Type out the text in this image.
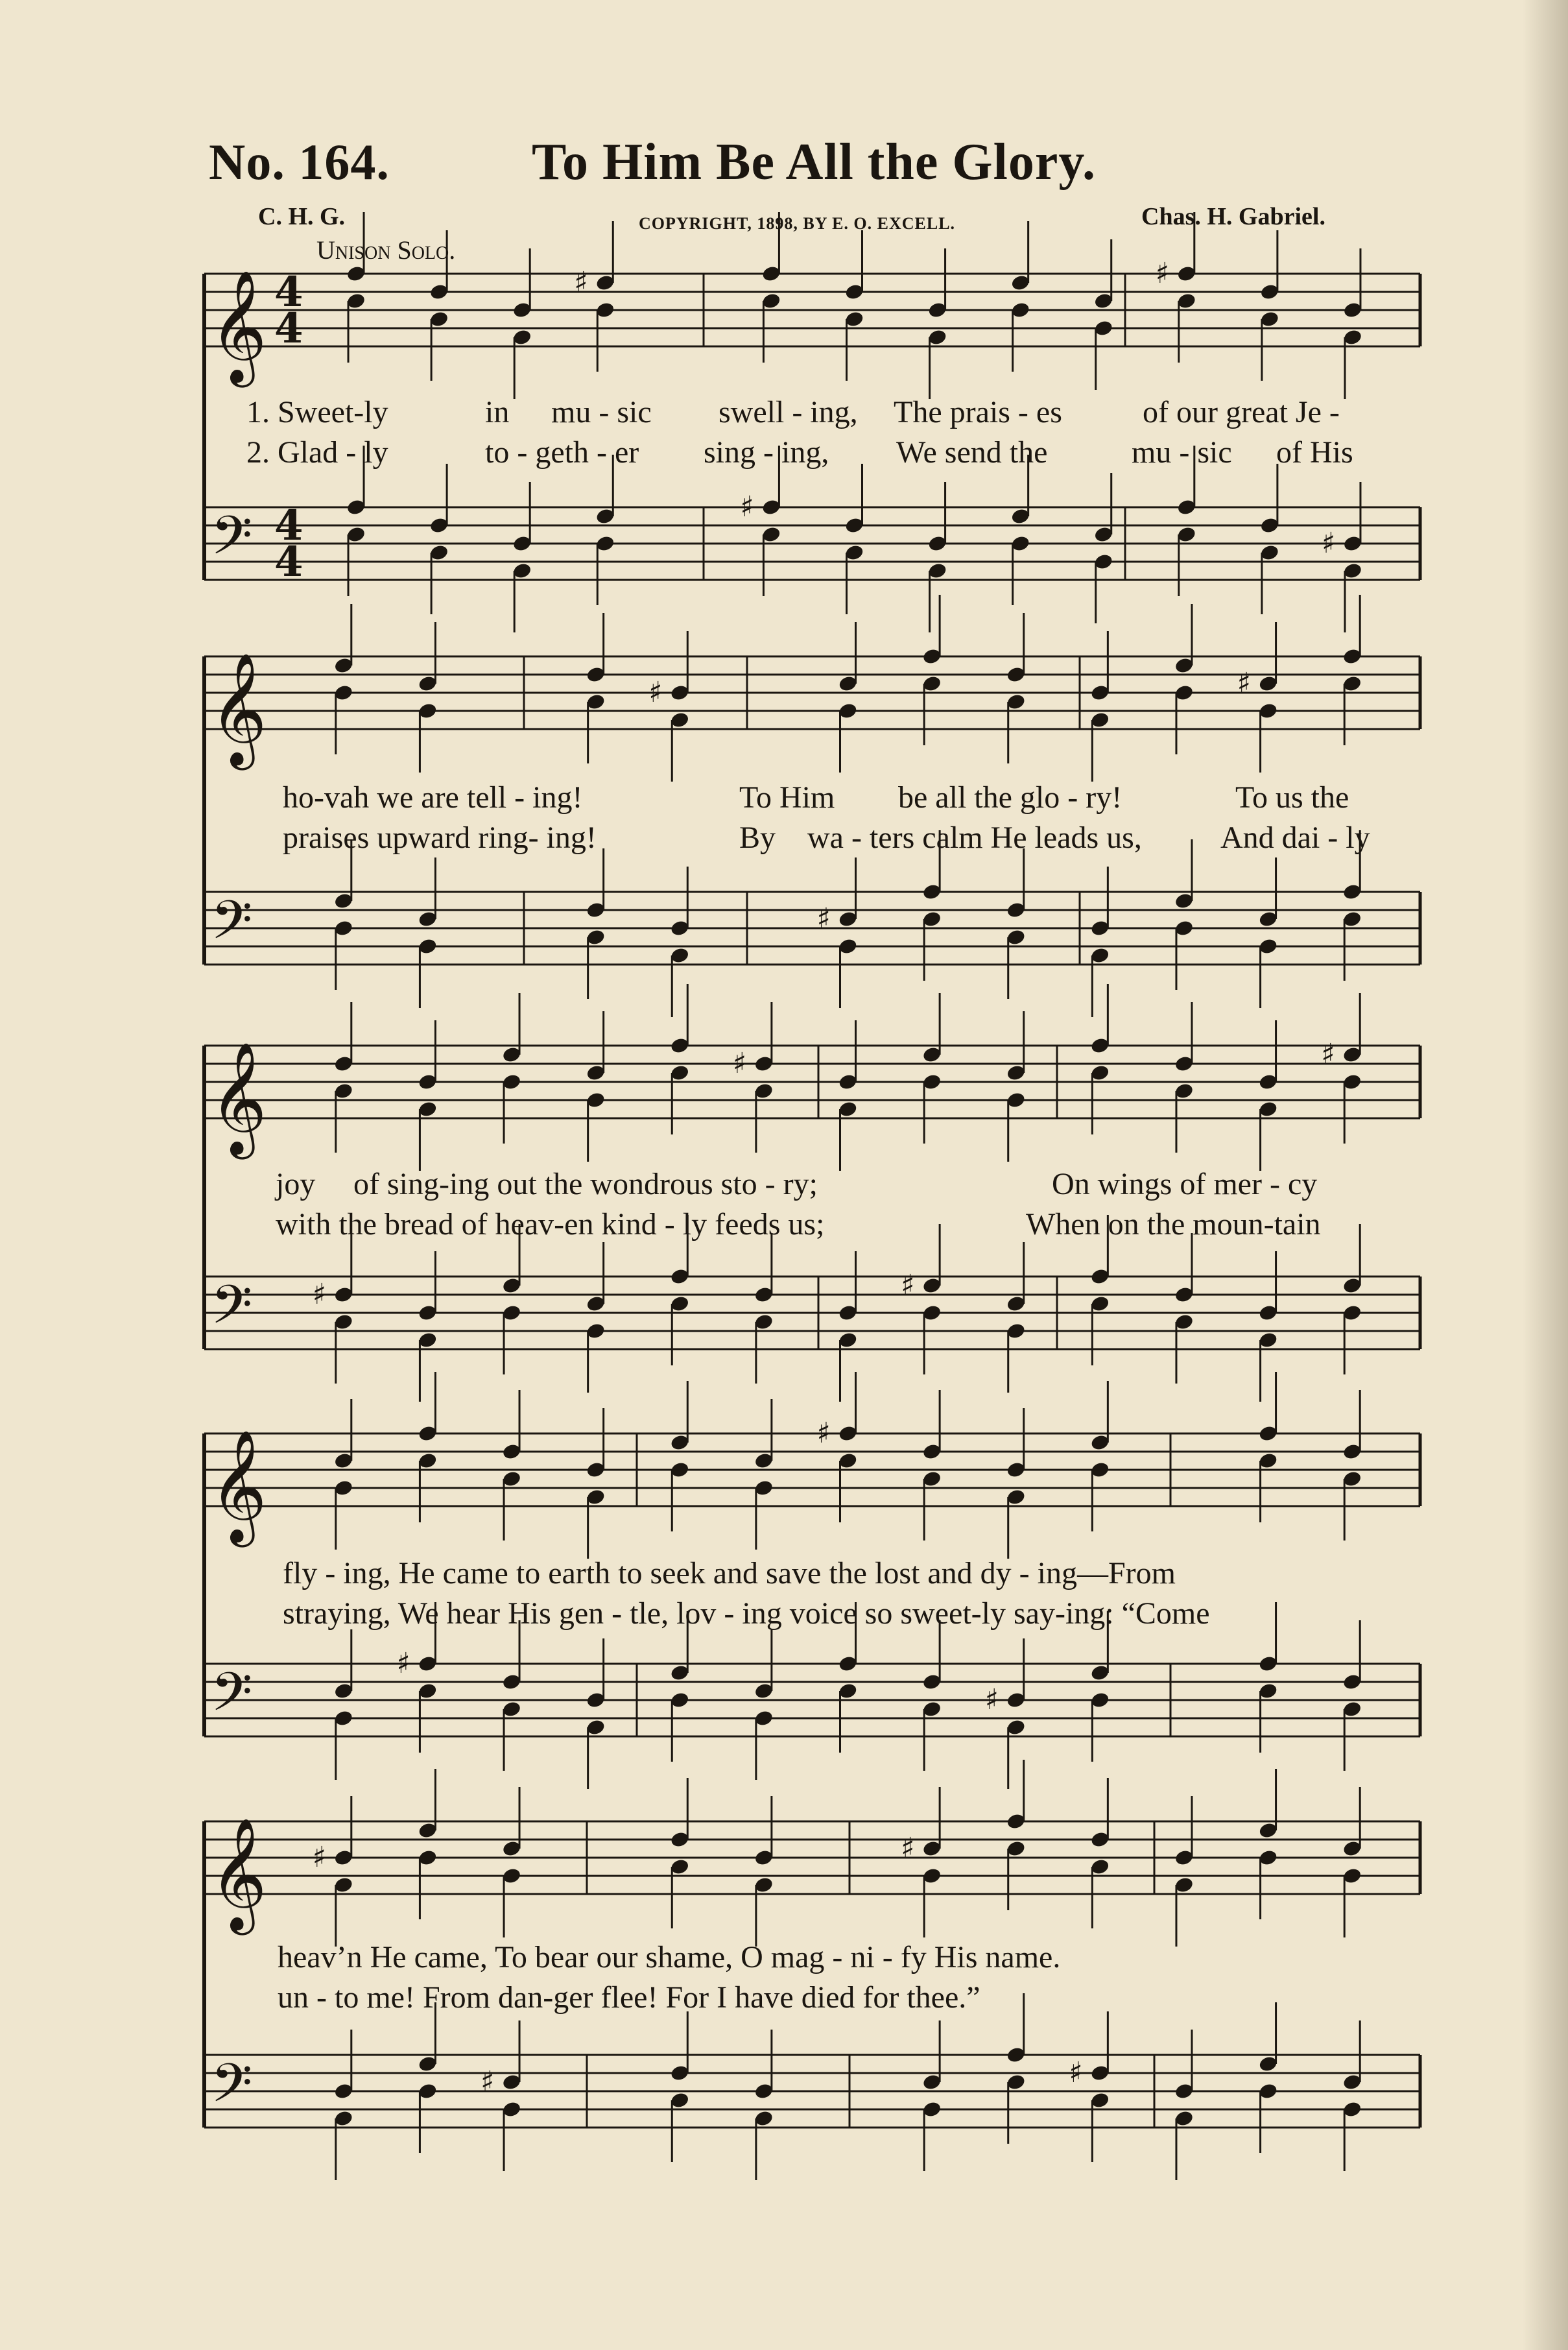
No. 164.	To Him Be All the Glory.
C. H. G.	COPYRIGHT, 1898, BY E. O. EXCELL.	Chas. H. Gabriel.
Unison Solo.
𝄞
𝄢
4
4
4
4
♯
♯
♯
♯
𝄞
𝄢
♯
♯
♯
𝄞
𝄢 ♯
♯
♯
♯
𝄞
𝄢	♯
♯
♯
𝄞
𝄢
♯
♯
♯
♯
1. Sweet-ly	in mu - sic swell - ing, The prais - es	of our great Je -
2. Glad - ly	to - geth - er sing - ing, We send the	mu - sic of His
ho-vah we are tell - ing!	To Him be all the glo - ry!	To us the
praises upward ring- ing!	By wa - ters calm He leads us,	And dai - ly
joy of sing-ing out the wondrous sto - ry;	On wings of mer - cy
with the bread of heav-en kind - ly feeds us;	When on the moun-tain
fly - ing, He came to earth to seek and save the lost and dy - ing—From
straying, We hear His gen - tle, lov - ing voice so sweet-ly say-ing: “Come
heav’n He came, To bear our shame, O mag - ni - fy His name.
un - to me! From dan-ger flee! For I have died for thee.”
